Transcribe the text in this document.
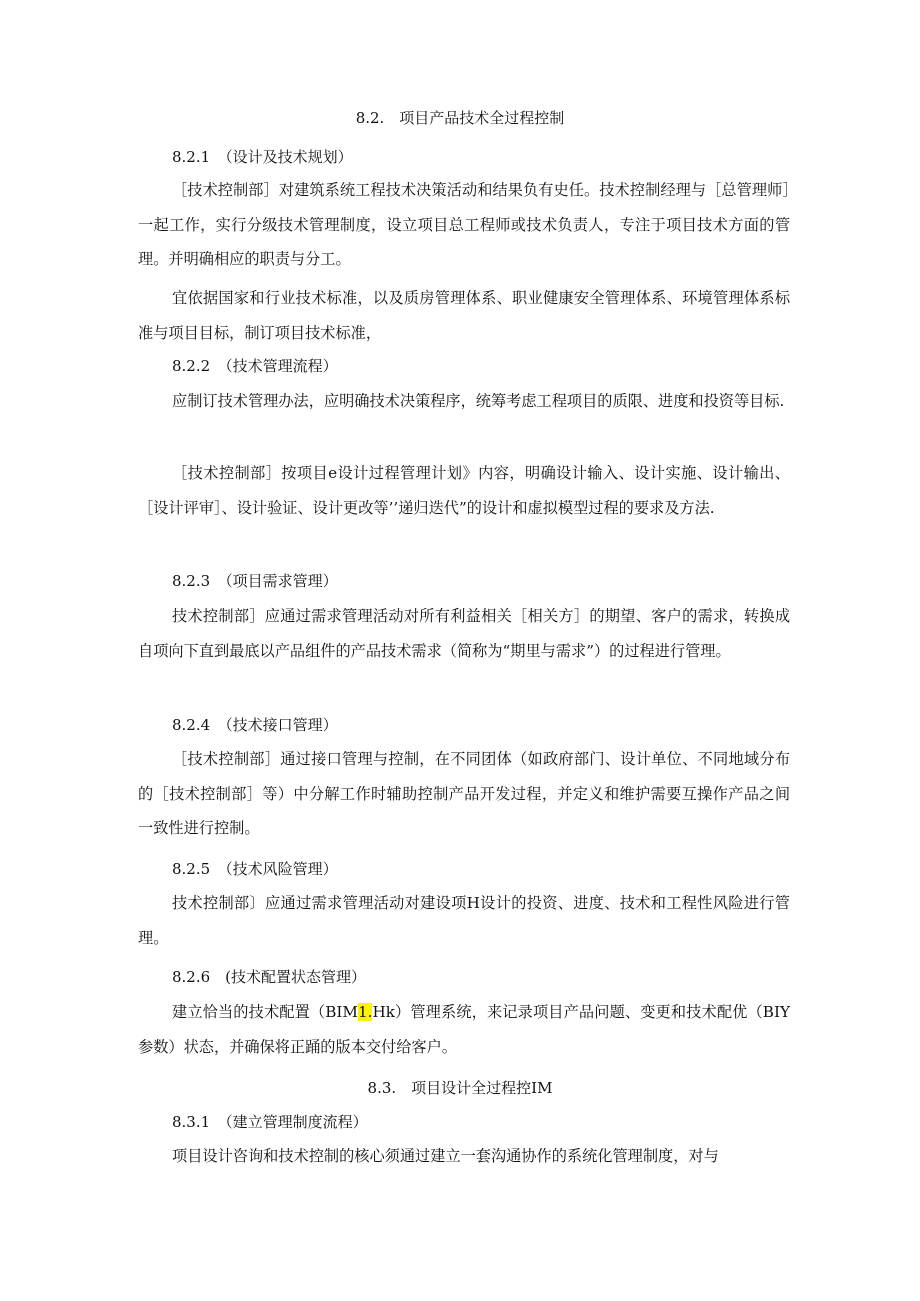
8.2.　项目产品技术全过程控制
8.2.1　（设计及技术规划）

［技术控制部］对建筑系统工程技术决策活动和结果负有史任。技术控制经理与［总管理师］一起工作，实行分级技术管理制度，设立项目总工程师或技术负责人，专注于项目技术方面的管理。并明确相应的职责与分工。

宜依据国家和行业技术标准，以及质房管理体系、职业健康安全管理体系、环境管理体系标准与项目目标，制订项目技术标准，

8.2.2　（技术管理流程）

应制订技术管理办法，应明确技术决策程序，统筹考虑工程项目的质限、进度和投资等目标.

［技术控制部］按项目e设计过程管理计划》内容，明确设计输入、设计实施、设计输出、［设计评审］、设计验证、设计更改等’’递归迭代”的设计和虚拟模型过程的要求及方法.

8.2.3　（项目需求管理）

技术控制部］应通过需求管理活动对所有利益相关［相关方］的期望、客户的需求，转换成自项向下直到最底以产品组件的产品技术需求（简称为“期里与需求”）的过程进行管理。

8.2.4　（技术接口管理）

［技术控制部］通过接口管理与控制，在不同团体（如政府部门、设计单位、不同地域分布的［技术控制部］等）中分解工作时辅助控制产品开发过程，并定义和维护需要互操作产品之间一致性进行控制。

8.2.5　（技术风险管理）

技术控制部〕应通过需求管理活动对建设项H设计的投资、进度、技术和工程性风险进行管理。

8.2.6　(技术配置状态管理）

建立恰当的技术配置（BIM1.Hk）管理系统，来记录项目产品问题、变更和技术配优（BIY参数）状态，并确保将正踊的版本交付给客户。

8.3.　项目设计全过程控IM
8.3.1　（建立管理制度流程）

项目设计咨询和技术控制的核心须通过建立一套沟通协作的系统化管理制度，对与
